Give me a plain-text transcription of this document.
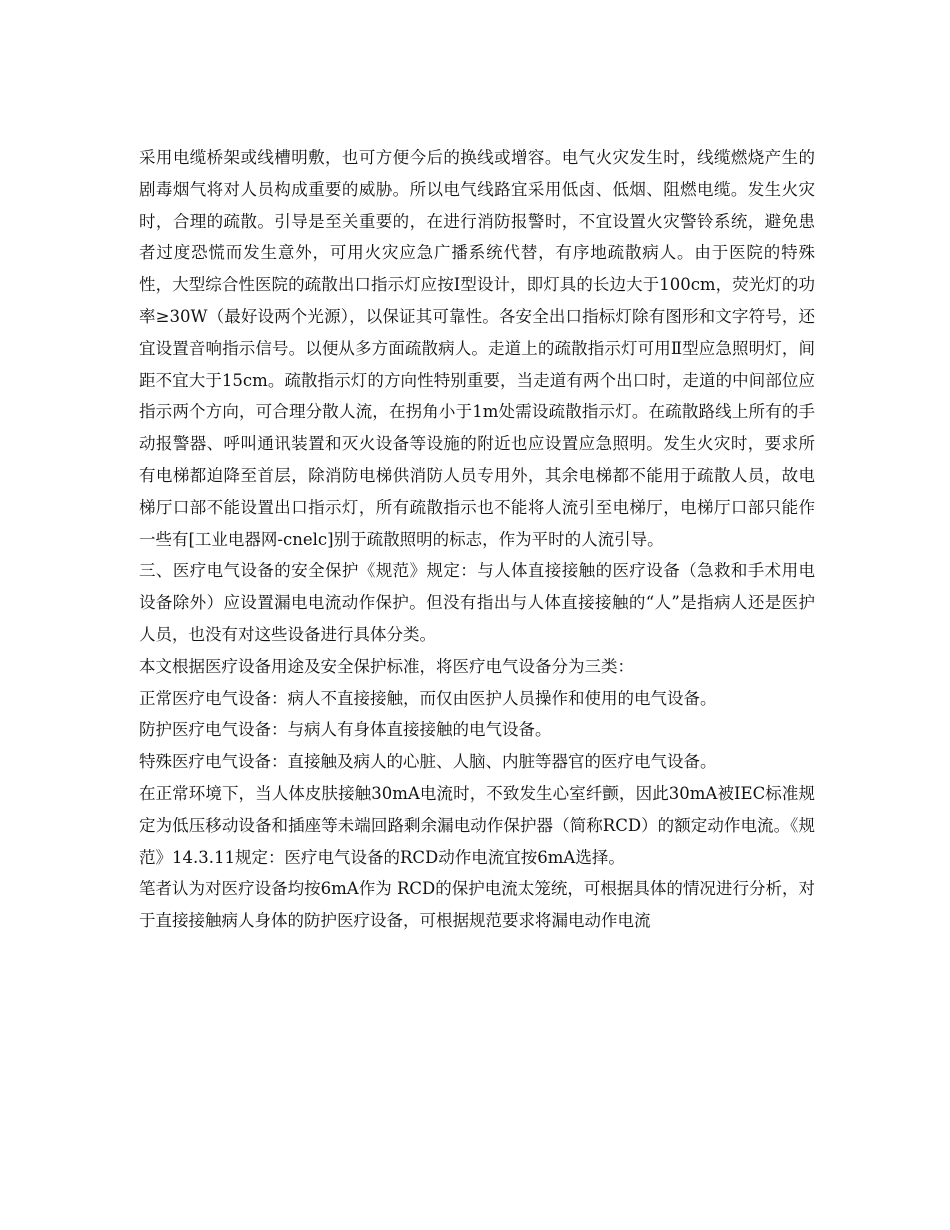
采用电缆桥架或线槽明敷，也可方便今后的换线或增容。电气火灾发生时，线缆燃烧产生的剧毒烟气将对人员构成重要的威胁。所以电气线路宜采用低卤、低烟、阻燃电缆。发生火灾时，合理的疏散。引导是至关重要的，在进行消防报警时，不宜设置火灾警铃系统，避免患者过度恐慌而发生意外，可用火灾应急广播系统代替，有序地疏散病人。由于医院的特殊性，大型综合性医院的疏散出口指示灯应按Ⅰ型设计，即灯具的长边大于100cm，荧光灯的功率≥30W（最好设两个光源），以保证其可靠性。各安全出口指标灯除有图形和文字符号，还宜设置音响指示信号。以便从多方面疏散病人。走道上的疏散指示灯可用Ⅱ型应急照明灯，间距不宜大于15cm。疏散指示灯的方向性特别重要，当走道有两个出口时，走道的中间部位应指示两个方向，可合理分散人流，在拐角小于1m处需设疏散指示灯。在疏散路线上所有的手动报警器、呼叫通讯装置和灭火设备等设施的附近也应设置应急照明。发生火灾时，要求所有电梯都迫降至首层，除消防电梯供消防人员专用外，其余电梯都不能用于疏散人员，故电梯厅口部不能设置出口指示灯，所有疏散指示也不能将人流引至电梯厅，电梯厅口部只能作一些有[工业电器网-cnelc]别于疏散照明的标志，作为平时的人流引导。

三、医疗电气设备的安全保护《规范》规定：与人体直接接触的医疗设备（急救和手术用电设备除外）应设置漏电电流动作保护。但没有指出与人体直接接触的“人”是指病人还是医护人员，也没有对这些设备进行具体分类。

本文根据医疗设备用途及安全保护标准，将医疗电气设备分为三类：

正常医疗电气设备：病人不直接接触，而仅由医护人员操作和使用的电气设备。

防护医疗电气设备：与病人有身体直接接触的电气设备。

特殊医疗电气设备：直接触及病人的心脏、人脑、内脏等器官的医疗电气设备。

在正常环境下，当人体皮肤接触30mA电流时，不致发生心室纤颤，因此30mA被IEC标准规定为低压移动设备和插座等未端回路剩余漏电动作保护器（简称RCD）的额定动作电流。《规范》14.3.11规定：医疗电气设备的RCD动作电流宜按6mA选择。

笔者认为对医疗设备均按6mA作为 RCD的保护电流太笼统，可根据具体的情况进行分析，对于直接接触病人身体的防护医疗设备，可根据规范要求将漏电动作电流
